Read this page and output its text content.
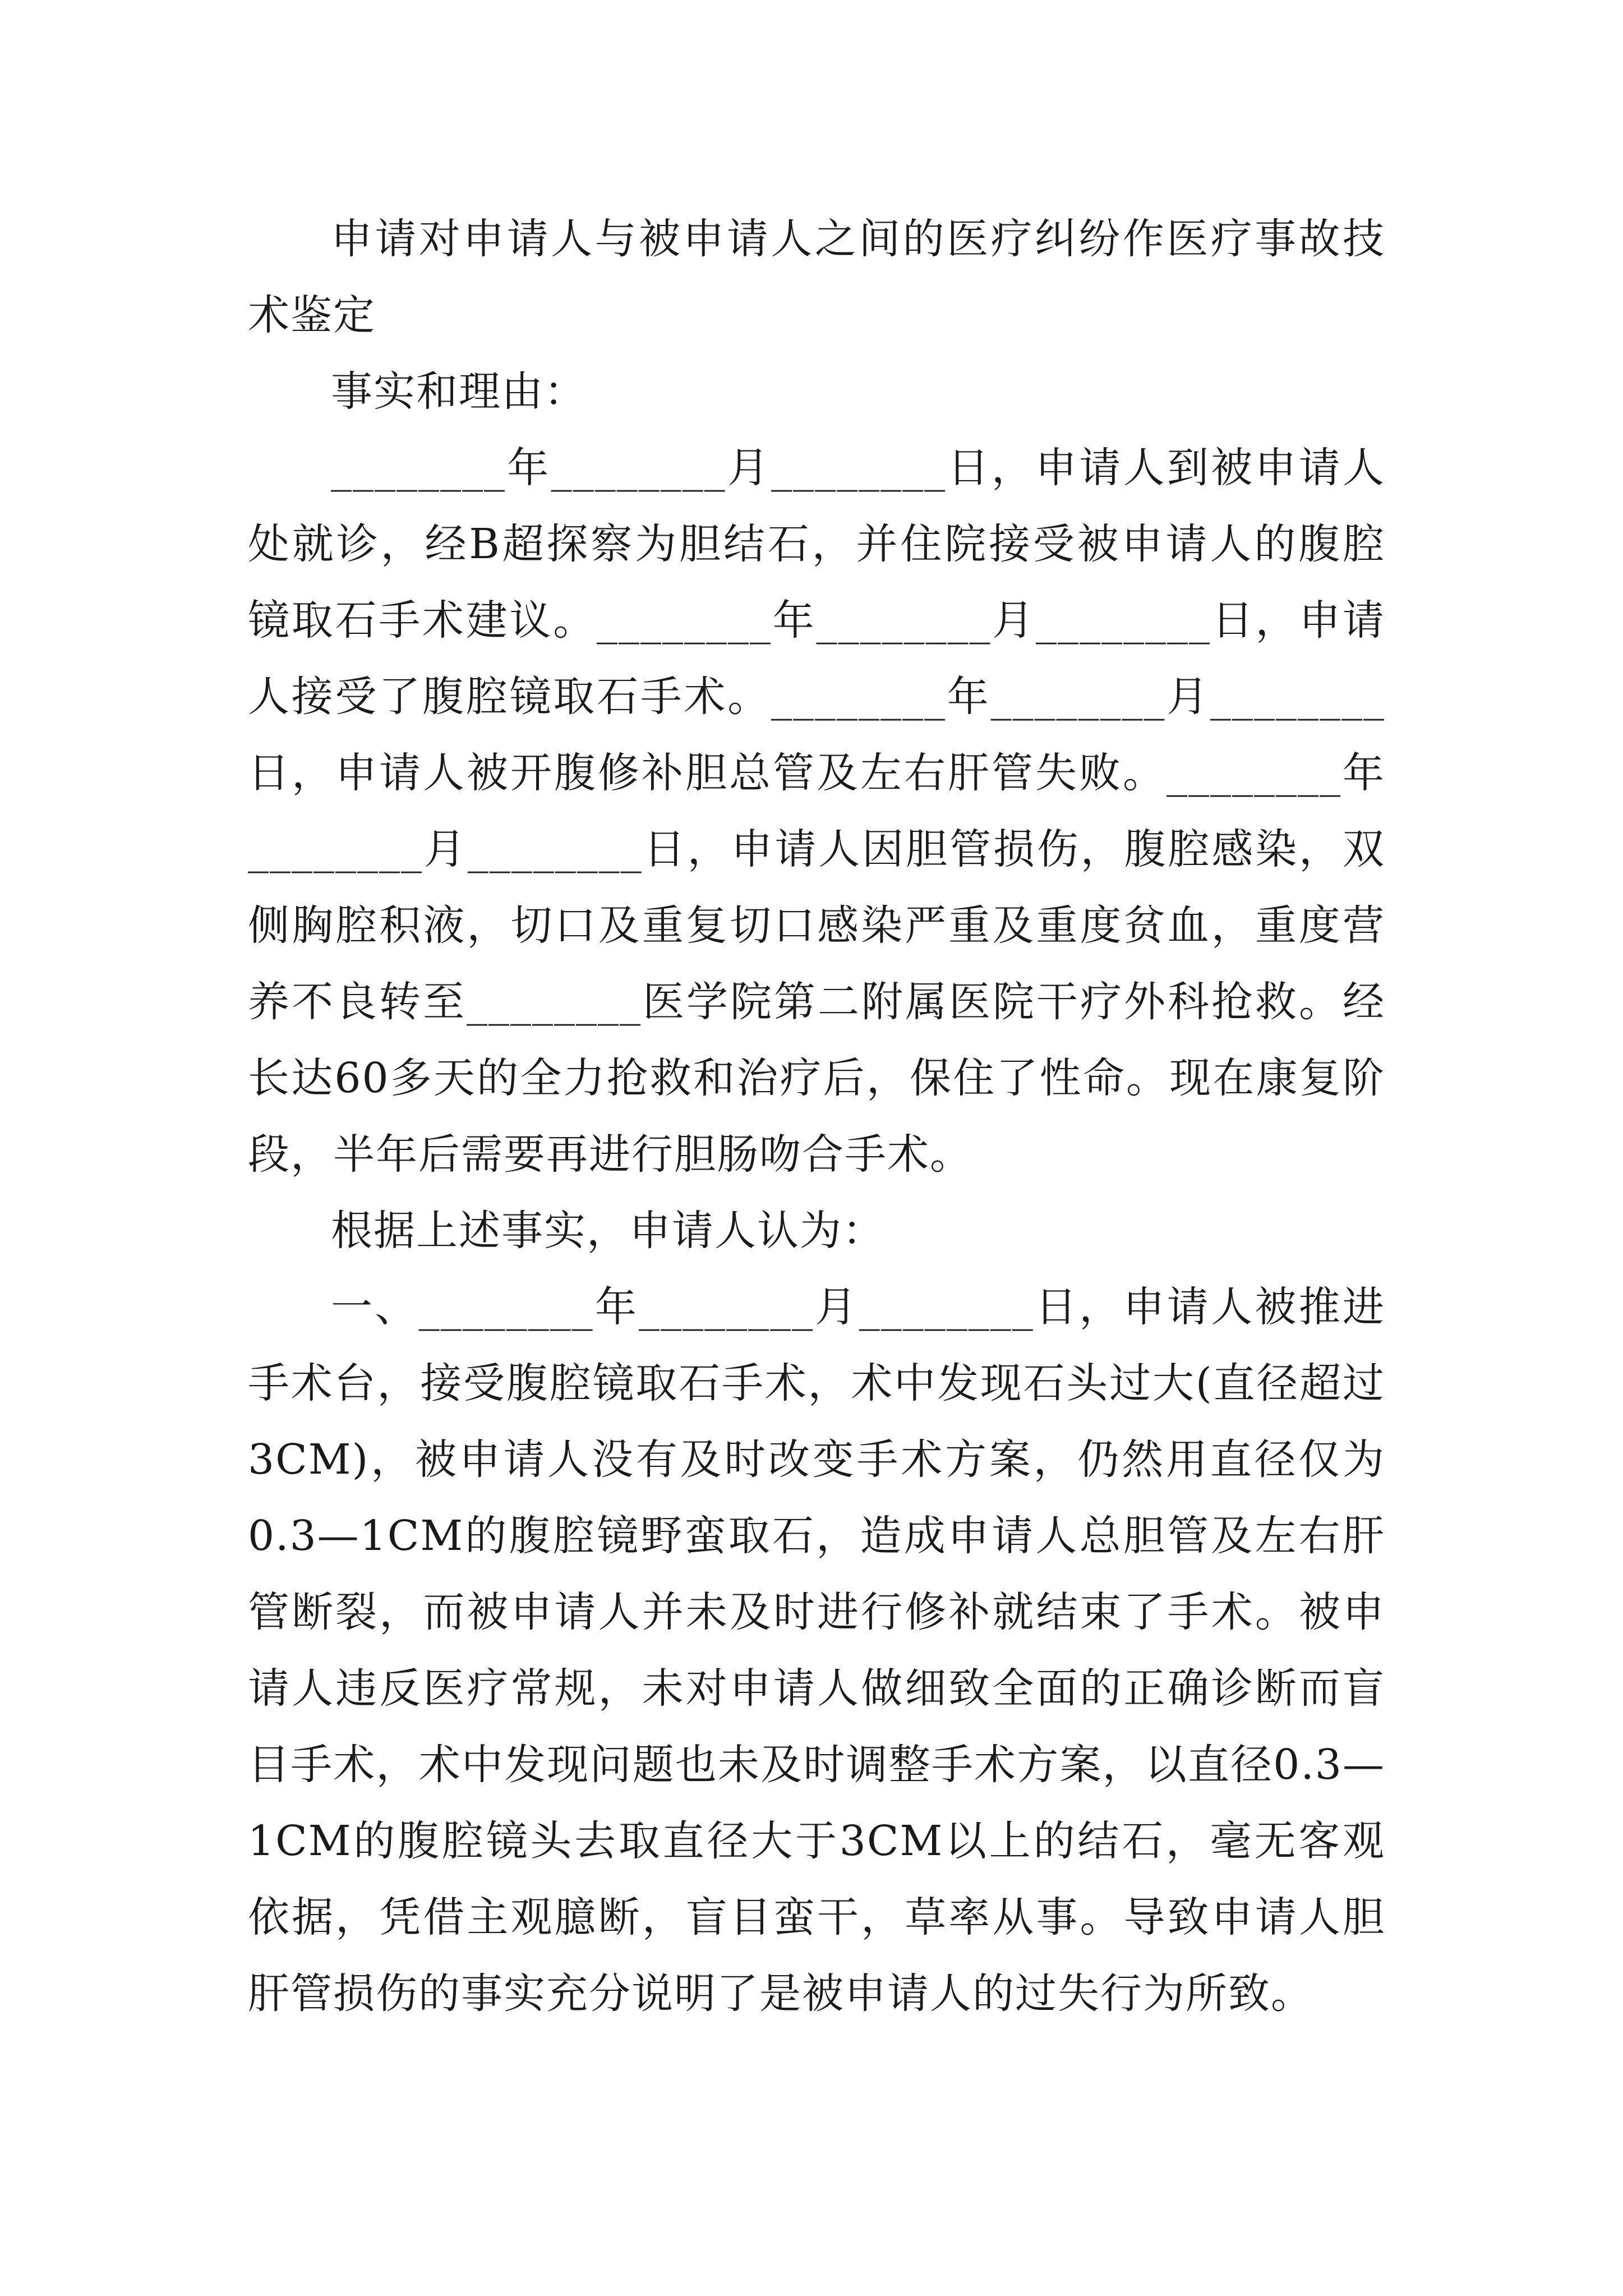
申请对申请人与被申请人之间的医疗纠纷作医疗事故技术鉴定

事实和理由：

________年________月________日，申请人到被申请人处就诊，经B超探察为胆结石，并住院接受被申请人的腹腔镜取石手术建议。________年________月________日，申请人接受了腹腔镜取石手术。________年________月________日，申请人被开腹修补胆总管及左右肝管失败。________年________月________日，申请人因胆管损伤，腹腔感染，双侧胸腔积液，切口及重复切口感染严重及重度贫血，重度营养不良转至________医学院第二附属医院干疗外科抢救。经长达60多天的全力抢救和治疗后，保住了性命。现在康复阶段，半年后需要再进行胆肠吻合手术。

根据上述事实，申请人认为：

一、________年________月________日，申请人被推进手术台，接受腹腔镜取石手术，术中发现石头过大(直径超过3CM)，被申请人没有及时改变手术方案，仍然用直径仅为0.3—1CM的腹腔镜野蛮取石，造成申请人总胆管及左右肝管断裂，而被申请人并未及时进行修补就结束了手术。被申请人违反医疗常规，未对申请人做细致全面的正确诊断而盲目手术，术中发现问题也未及时调整手术方案，以直径0.3—1CM的腹腔镜头去取直径大于3CM以上的结石，毫无客观依据，凭借主观臆断，盲目蛮干，草率从事。导致申请人胆肝管损伤的事实充分说明了是被申请人的过失行为所致。
